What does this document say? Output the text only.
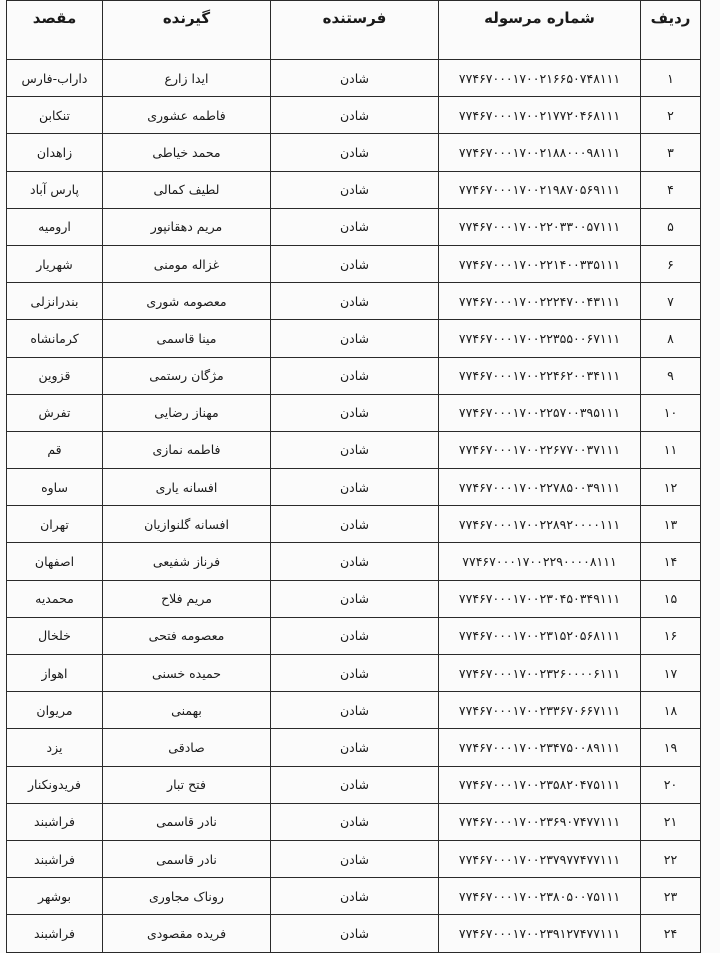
ردیف	شماره مرسوله	فرستنده	گیرنده	مقصد
۱	۷۷۴۶۷۰۰۰۱۷۰۰۲۱۶۶۵۰۷۴۸۱۱۱	شادن	ایدا زارع	داراب-فارس
۲	۷۷۴۶۷۰۰۰۱۷۰۰۲۱۷۷۲۰۴۶۸۱۱۱	شادن	فاطمه عشوری	تنکابن
۳	۷۷۴۶۷۰۰۰۱۷۰۰۲۱۸۸۰۰۰۹۸۱۱۱	شادن	محمد خیاطی	زاهدان
۴	۷۷۴۶۷۰۰۰۱۷۰۰۲۱۹۸۷۰۵۶۹۱۱۱	شادن	لطیف کمالی	پارس آباد
۵	۷۷۴۶۷۰۰۰۱۷۰۰۲۲۰۳۳۰۰۵۷۱۱۱	شادن	مریم دهقانپور	ارومیه
۶	۷۷۴۶۷۰۰۰۱۷۰۰۲۲۱۴۰۰۳۳۵۱۱۱	شادن	غزاله مومنی	شهریار
۷	۷۷۴۶۷۰۰۰۱۷۰۰۲۲۲۴۷۰۰۴۳۱۱۱	شادن	معصومه شوری	بندرانزلی
۸	۷۷۴۶۷۰۰۰۱۷۰۰۲۲۳۵۵۰۰۶۷۱۱۱	شادن	مینا قاسمی	کرمانشاه
۹	۷۷۴۶۷۰۰۰۱۷۰۰۲۲۴۶۲۰۰۳۴۱۱۱	شادن	مژگان رستمی	قزوین
۱۰	۷۷۴۶۷۰۰۰۱۷۰۰۲۲۵۷۰۰۳۹۵۱۱۱	شادن	مهناز رضایی	تفرش
۱۱	۷۷۴۶۷۰۰۰۱۷۰۰۲۲۶۷۷۰۰۳۷۱۱۱	شادن	فاطمه نمازی	قم
۱۲	۷۷۴۶۷۰۰۰۱۷۰۰۲۲۷۸۵۰۰۳۹۱۱۱	شادن	افسانه یاری	ساوه
۱۳	۷۷۴۶۷۰۰۰۱۷۰۰۲۲۸۹۲۰۰۰۰۱۱۱	شادن	افسانه گلنوازیان	تهران
۱۴	۷۷۴۶۷۰۰۰۱۷۰۰۲۲۹۰۰۰۰۸۱۱۱	شادن	فرناز شفیعی	اصفهان
۱۵	۷۷۴۶۷۰۰۰۱۷۰۰۲۳۰۴۵۰۳۴۹۱۱۱	شادن	مریم فلاح	محمدیه
۱۶	۷۷۴۶۷۰۰۰۱۷۰۰۲۳۱۵۲۰۵۶۸۱۱۱	شادن	معصومه فتحی	خلخال
۱۷	۷۷۴۶۷۰۰۰۱۷۰۰۲۳۲۶۰۰۰۰۶۱۱۱	شادن	حمیده خسنی	اهواز
۱۸	۷۷۴۶۷۰۰۰۱۷۰۰۲۳۳۶۷۰۶۶۷۱۱۱	شادن	بهمنی	مریوان
۱۹	۷۷۴۶۷۰۰۰۱۷۰۰۲۳۴۷۵۰۰۸۹۱۱۱	شادن	صادقی	یزد
۲۰	۷۷۴۶۷۰۰۰۱۷۰۰۲۳۵۸۲۰۴۷۵۱۱۱	شادن	فتح تبار	فریدونکنار
۲۱	۷۷۴۶۷۰۰۰۱۷۰۰۲۳۶۹۰۷۴۷۷۱۱۱	شادن	نادر قاسمی	فراشبند
۲۲	۷۷۴۶۷۰۰۰۱۷۰۰۲۳۷۹۷۷۴۷۷۱۱۱	شادن	نادر قاسمی	فراشبند
۲۳	۷۷۴۶۷۰۰۰۱۷۰۰۲۳۸۰۵۰۰۷۵۱۱۱	شادن	روناک مجاوری	بوشهر
۲۴	۷۷۴۶۷۰۰۰۱۷۰۰۲۳۹۱۲۷۴۷۷۱۱۱	شادن	فریده مقصودی	فراشبند
